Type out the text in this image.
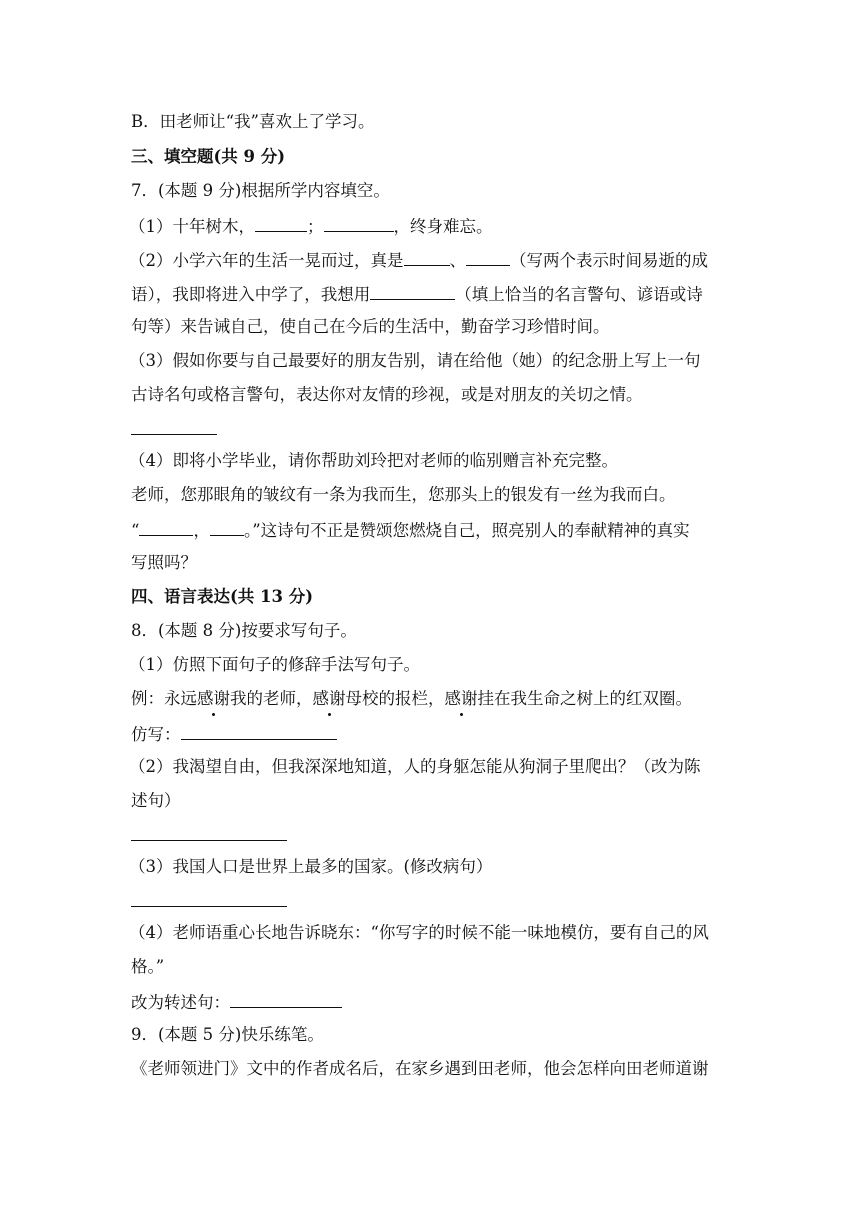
B．田老师让“我”喜欢上了学习。
三、填空题(共 9 分)
7．(本题 9 分)根据所学内容填空。
（1）十年树木，	；	，终身难忘。
（2）小学六年的生活一晃而过，真是	、	（写两个表示时间易逝的成
语），我即将进入中学了，我想用	（填上恰当的名言警句、谚语或诗
句等）来告诫自己，使自己在今后的生活中，勤奋学习珍惜时间。
（3）假如你要与自己最要好的朋友告别，请在给他（她）的纪念册上写上一句
古诗名句或格言警句，表达你对友情的珍视，或是对朋友的关切之情。
（4）即将小学毕业，请你帮助刘玲把对老师的临别赠言补充完整。
老师，您那眼角的皱纹有一条为我而生，您那头上的银发有一丝为我而白。
“	， 。”这诗句不正是赞颂您燃烧自己，照亮别人的奉献精神的真实
写照吗？
四、语言表达(共 13 分)
8．(本题 8 分)按要求写句子。
（1）仿照下面句子的修辞手法写句子。
例：永远感谢我的老师，感谢母校的报栏，感谢挂在我生命之树上的红双圈。
仿写：
（2）我渴望自由，但我深深地知道，人的身躯怎能从狗洞子里爬出？（改为陈
述句）
（3）我国人口是世界上最多的国家。(修改病句）
（4）老师语重心长地告诉晓东：“你写字的时候不能一味地模仿，要有自己的风
格。”
改为转述句：
9．(本题 5 分)快乐练笔。
《老师领进门》文中的作者成名后，在家乡遇到田老师，他会怎样向田老师道谢
